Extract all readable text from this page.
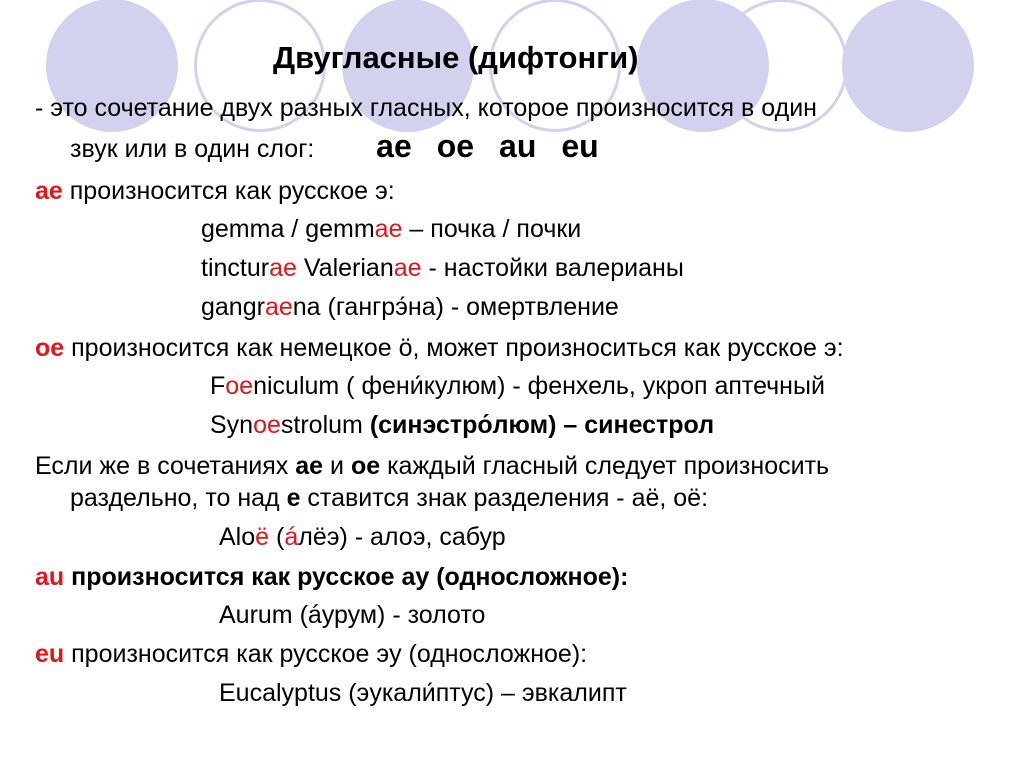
Двугласные (дифтонги)
- это сочетание двух разных гласных, которое произносится в один
звук или в один слог: ae oe au eu
ae произносится как русское э:
gemma / gemmae – почка / почки
tincturae Valerianae - настойки валерианы
gangraena (гангрэ́на) - омертвление
oe произносится как немецкое ö, может произноситься как русское э:
Foeniculum ( фени́кулюм) - фенхель, укроп аптечный
Synoestrolum (синэстро́люм) – синестрол
Если же в сочетаниях ae и oe каждый гласный следует произносить
раздельно, то над e ставится знак разделения - аё, оё:
Aloё (áлёэ) - алоэ, сабур
au произносится как русское ау (односложное):
Aurum (áурум) - золото
eu произносится как русское эу (односложное):
Eucalyptus (эукали́птус) – эвкалипт
